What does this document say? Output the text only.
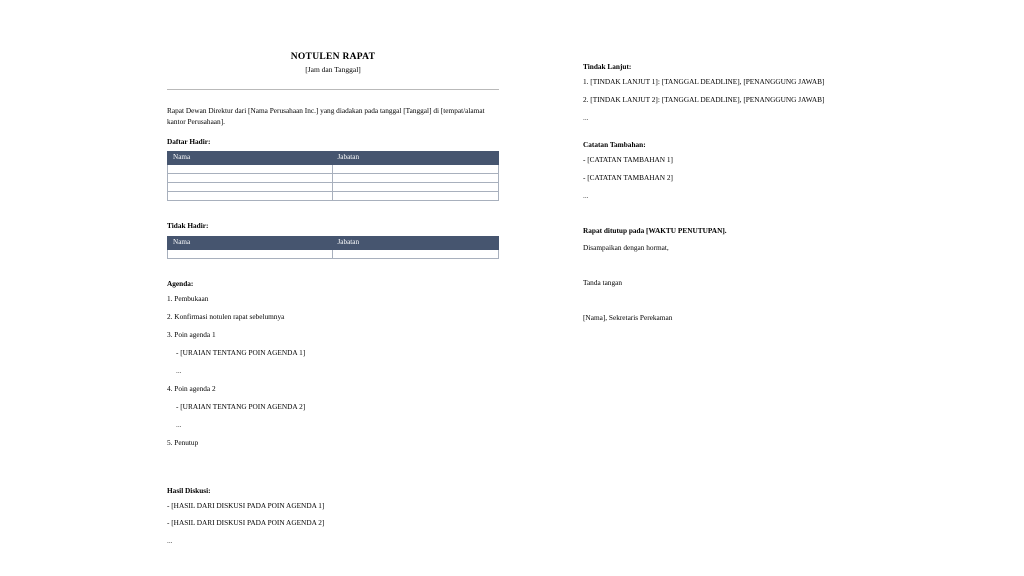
NOTULEN RAPAT
[Jam dan Tanggal]

Rapat Dewan Direktur dari [Nama Perusahaan Inc.] yang diadakan pada tanggal [Tanggal] di [tempat/alamat kantor Perusahaan].

Daftar Hadir:
Nama	Jabatan

Tidak Hadir:
Nama	Jabatan

Agenda:
1. Pembukaan
2. Konfirmasi notulen rapat sebelumnya
3. Poin agenda 1
- [URAIAN TENTANG POIN AGENDA 1]
...
4. Poin agenda 2
- [URAIAN TENTANG POIN AGENDA 2]
...
5. Penutup
Hasil Diskusi:
- [HASIL DARI DISKUSI PADA POIN AGENDA 1]
- [HASIL DARI DISKUSI PADA POIN AGENDA 2]
...
Tindak Lanjut:
1. [TINDAK LANJUT 1]: [TANGGAL DEADLINE], [PENANGGUNG JAWAB]
2. [TINDAK LANJUT 2]: [TANGGAL DEADLINE], [PENANGGUNG JAWAB]
...
Catatan Tambahan:
- [CATATAN TAMBAHAN 1]
- [CATATAN TAMBAHAN 2]
...
Rapat ditutup pada [WAKTU PENUTUPAN].
Disampaikan dengan hormat,
Tanda tangan
[Nama], Sekretaris Perekaman
